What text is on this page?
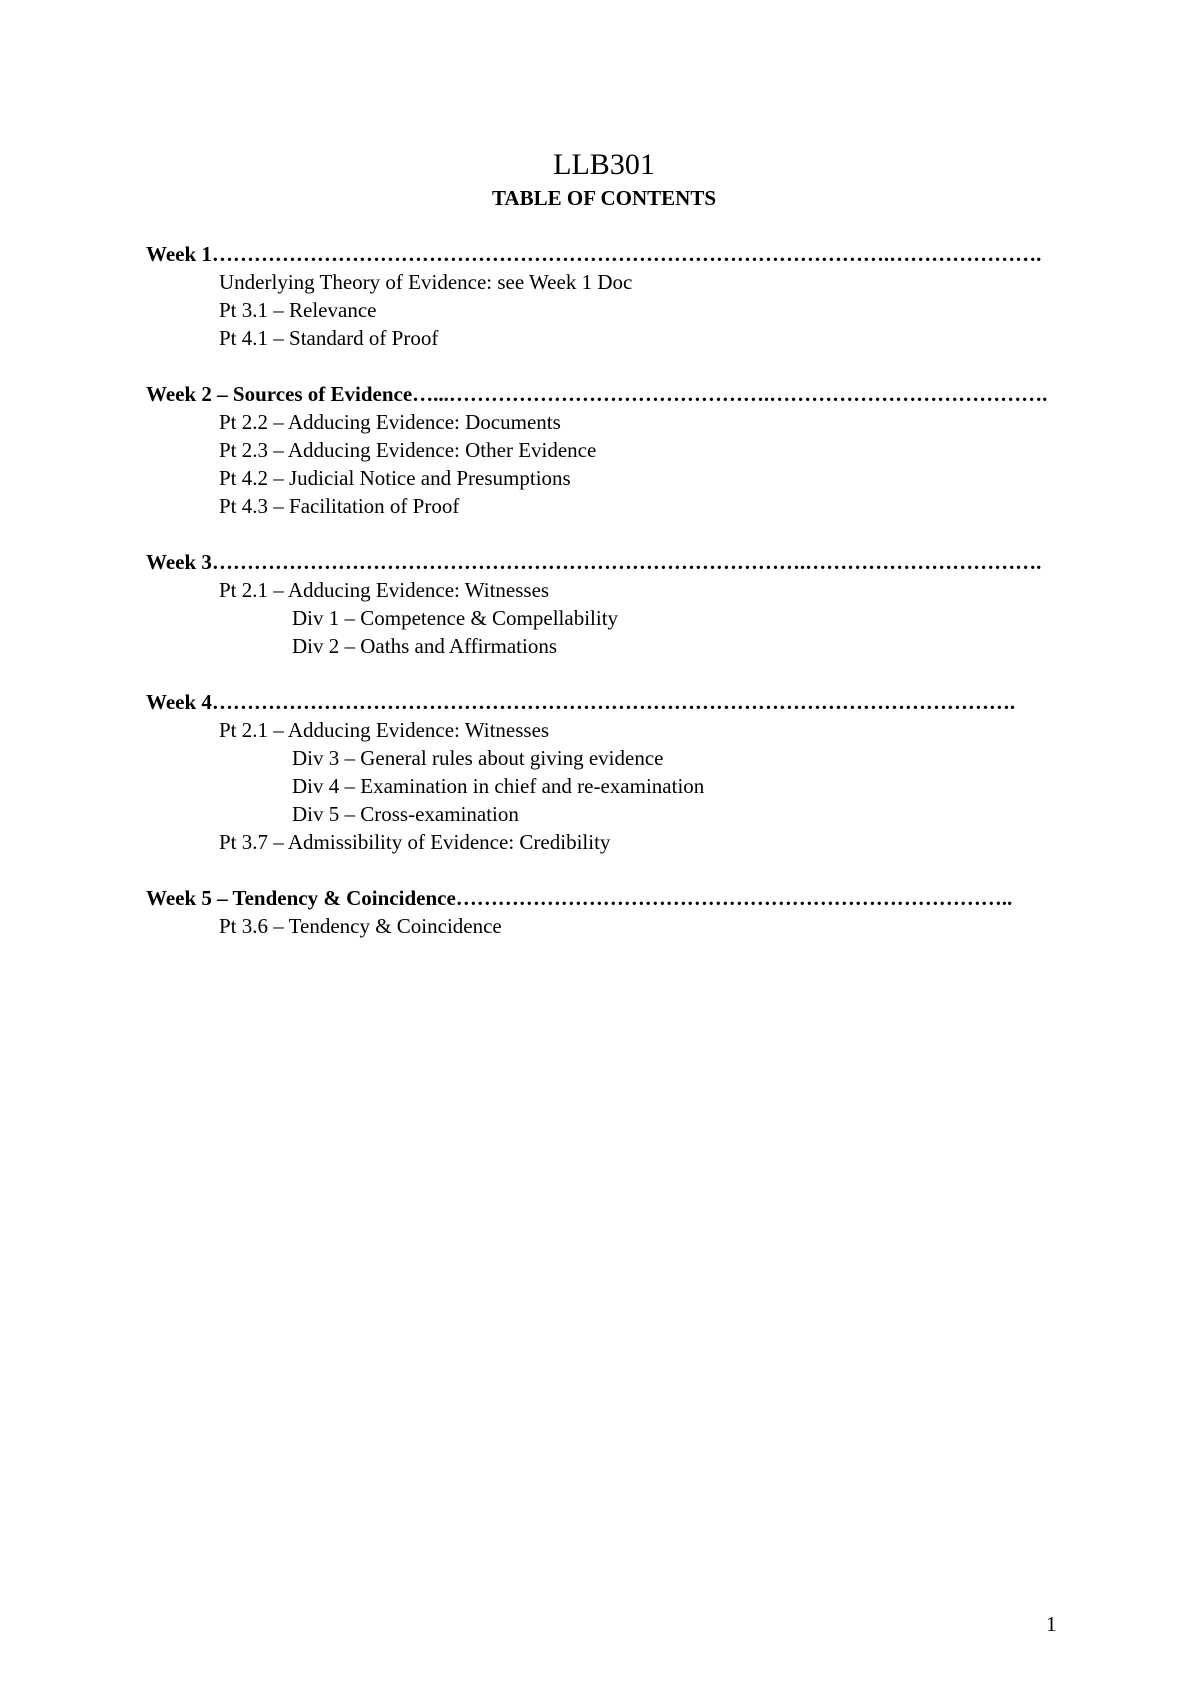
LLB301
TABLE OF CONTENTS
Week 1…………………………………………………………………………………….………………….
Underlying Theory of Evidence: see Week 1 Doc
Pt 3.1 – Relevance
Pt 4.1 – Standard of Proof
Week 2 – Sources of Evidence…...……………………………………….………………………………….
Pt 2.2 – Adducing Evidence: Documents
Pt 2.3 – Adducing Evidence: Other Evidence
Pt 4.2 – Judicial Notice and Presumptions
Pt 4.3 – Facilitation of Proof
Week 3………………………………………………………………………….…………………………….
Pt 2.1 – Adducing Evidence: Witnesses
Div 1 – Competence & Compellability
Div 2 – Oaths and Affirmations
Week 4…………………………………………………………………………………………………….
Pt 2.1 – Adducing Evidence: Witnesses
Div 3 – General rules about giving evidence
Div 4 – Examination in chief and re-examination
Div 5 – Cross-examination
Pt 3.7 – Admissibility of Evidence: Credibility
Week 5 – Tendency & Coincidence……………………………………………………………………..
Pt 3.6 – Tendency & Coincidence
1
